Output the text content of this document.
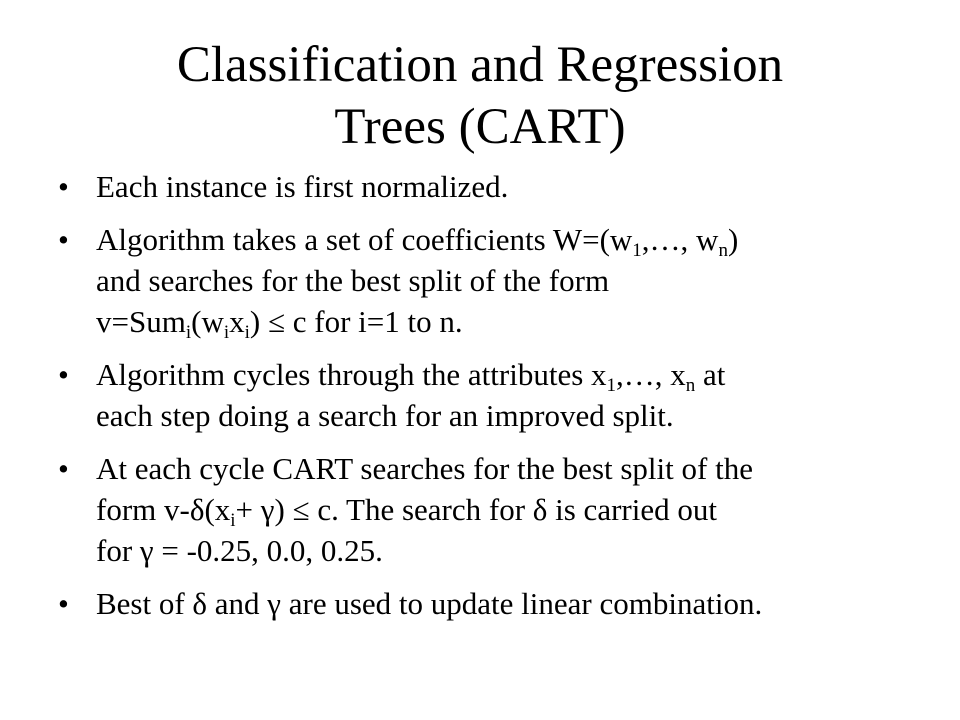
Classification and Regression
Trees (CART)
• Each instance is first normalized.
• Algorithm takes a set of coefficients $W=(w_1,\dots$, $w_n$)
and searches for the best split of the form
$v=Sum_i(w_ix_i) \le c$ for i=1 to n.
• Algorithm cycles through the attributes $x_1,\dots$, $x_n$ at
each step doing a search for an improved split.
• At each cycle CART searches for the best split of the
form $v-\delta(x_i+ \gamma) \le c$. The search for δ is carried out
for γ = -0.25, 0.0, 0.25.
• Best of δ and γ are used to update linear combination.
